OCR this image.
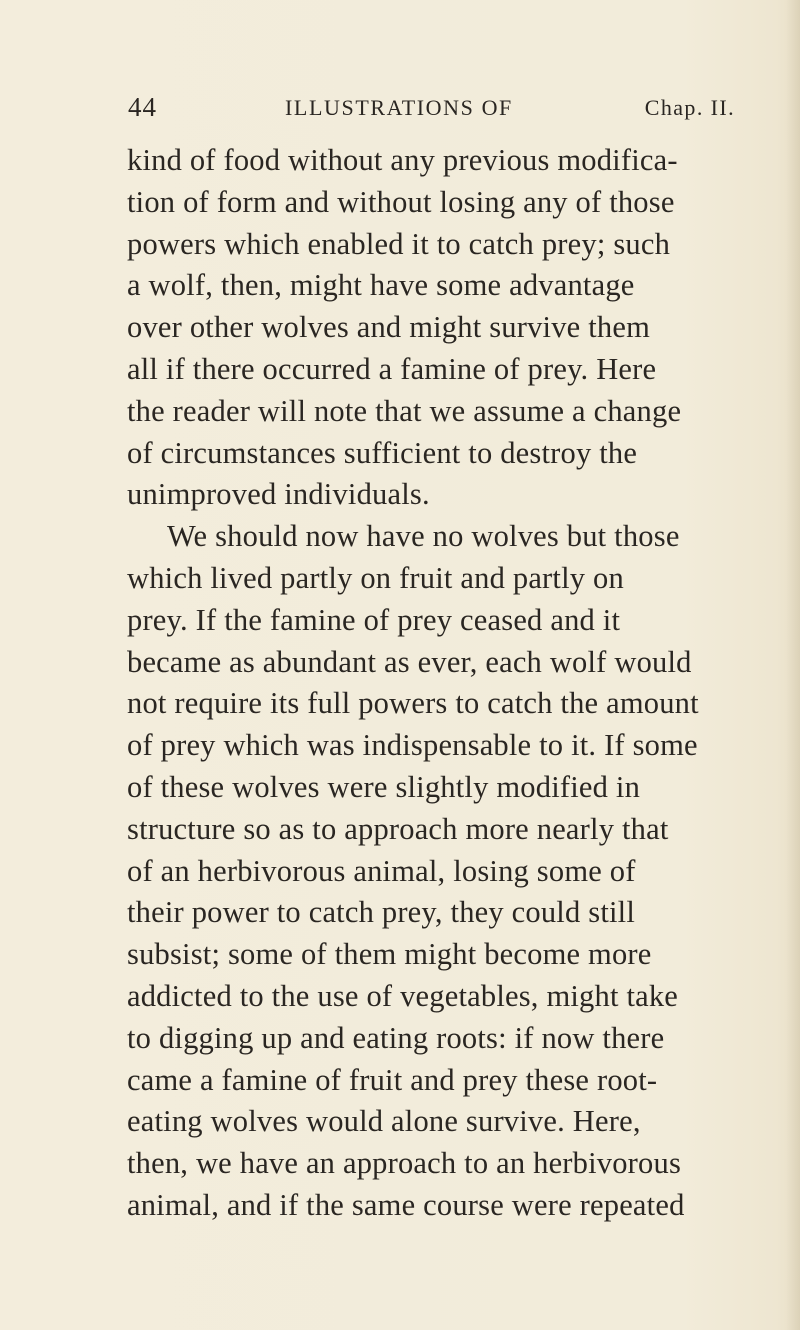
44	ILLUSTRATIONS OF	Chap. II.
kind of food without any previous modifica-
tion of form and without losing any of those
powers which enabled it to catch prey; such
a wolf, then, might have some advantage
over other wolves and might survive them
all if there occurred a famine of prey. Here
the reader will note that we assume a change
of circumstances sufficient to destroy the
unimproved individuals.
We should now have no wolves but those
which lived partly on fruit and partly on
prey. If the famine of prey ceased and it
became as abundant as ever, each wolf would
not require its full powers to catch the amount
of prey which was indispensable to it. If some
of these wolves were slightly modified in
structure so as to approach more nearly that
of an herbivorous animal, losing some of
their power to catch prey, they could still
subsist; some of them might become more
addicted to the use of vegetables, might take
to digging up and eating roots: if now there
came a famine of fruit and prey these root-
eating wolves would alone survive. Here,
then, we have an approach to an herbivorous
animal, and if the same course were repeated
